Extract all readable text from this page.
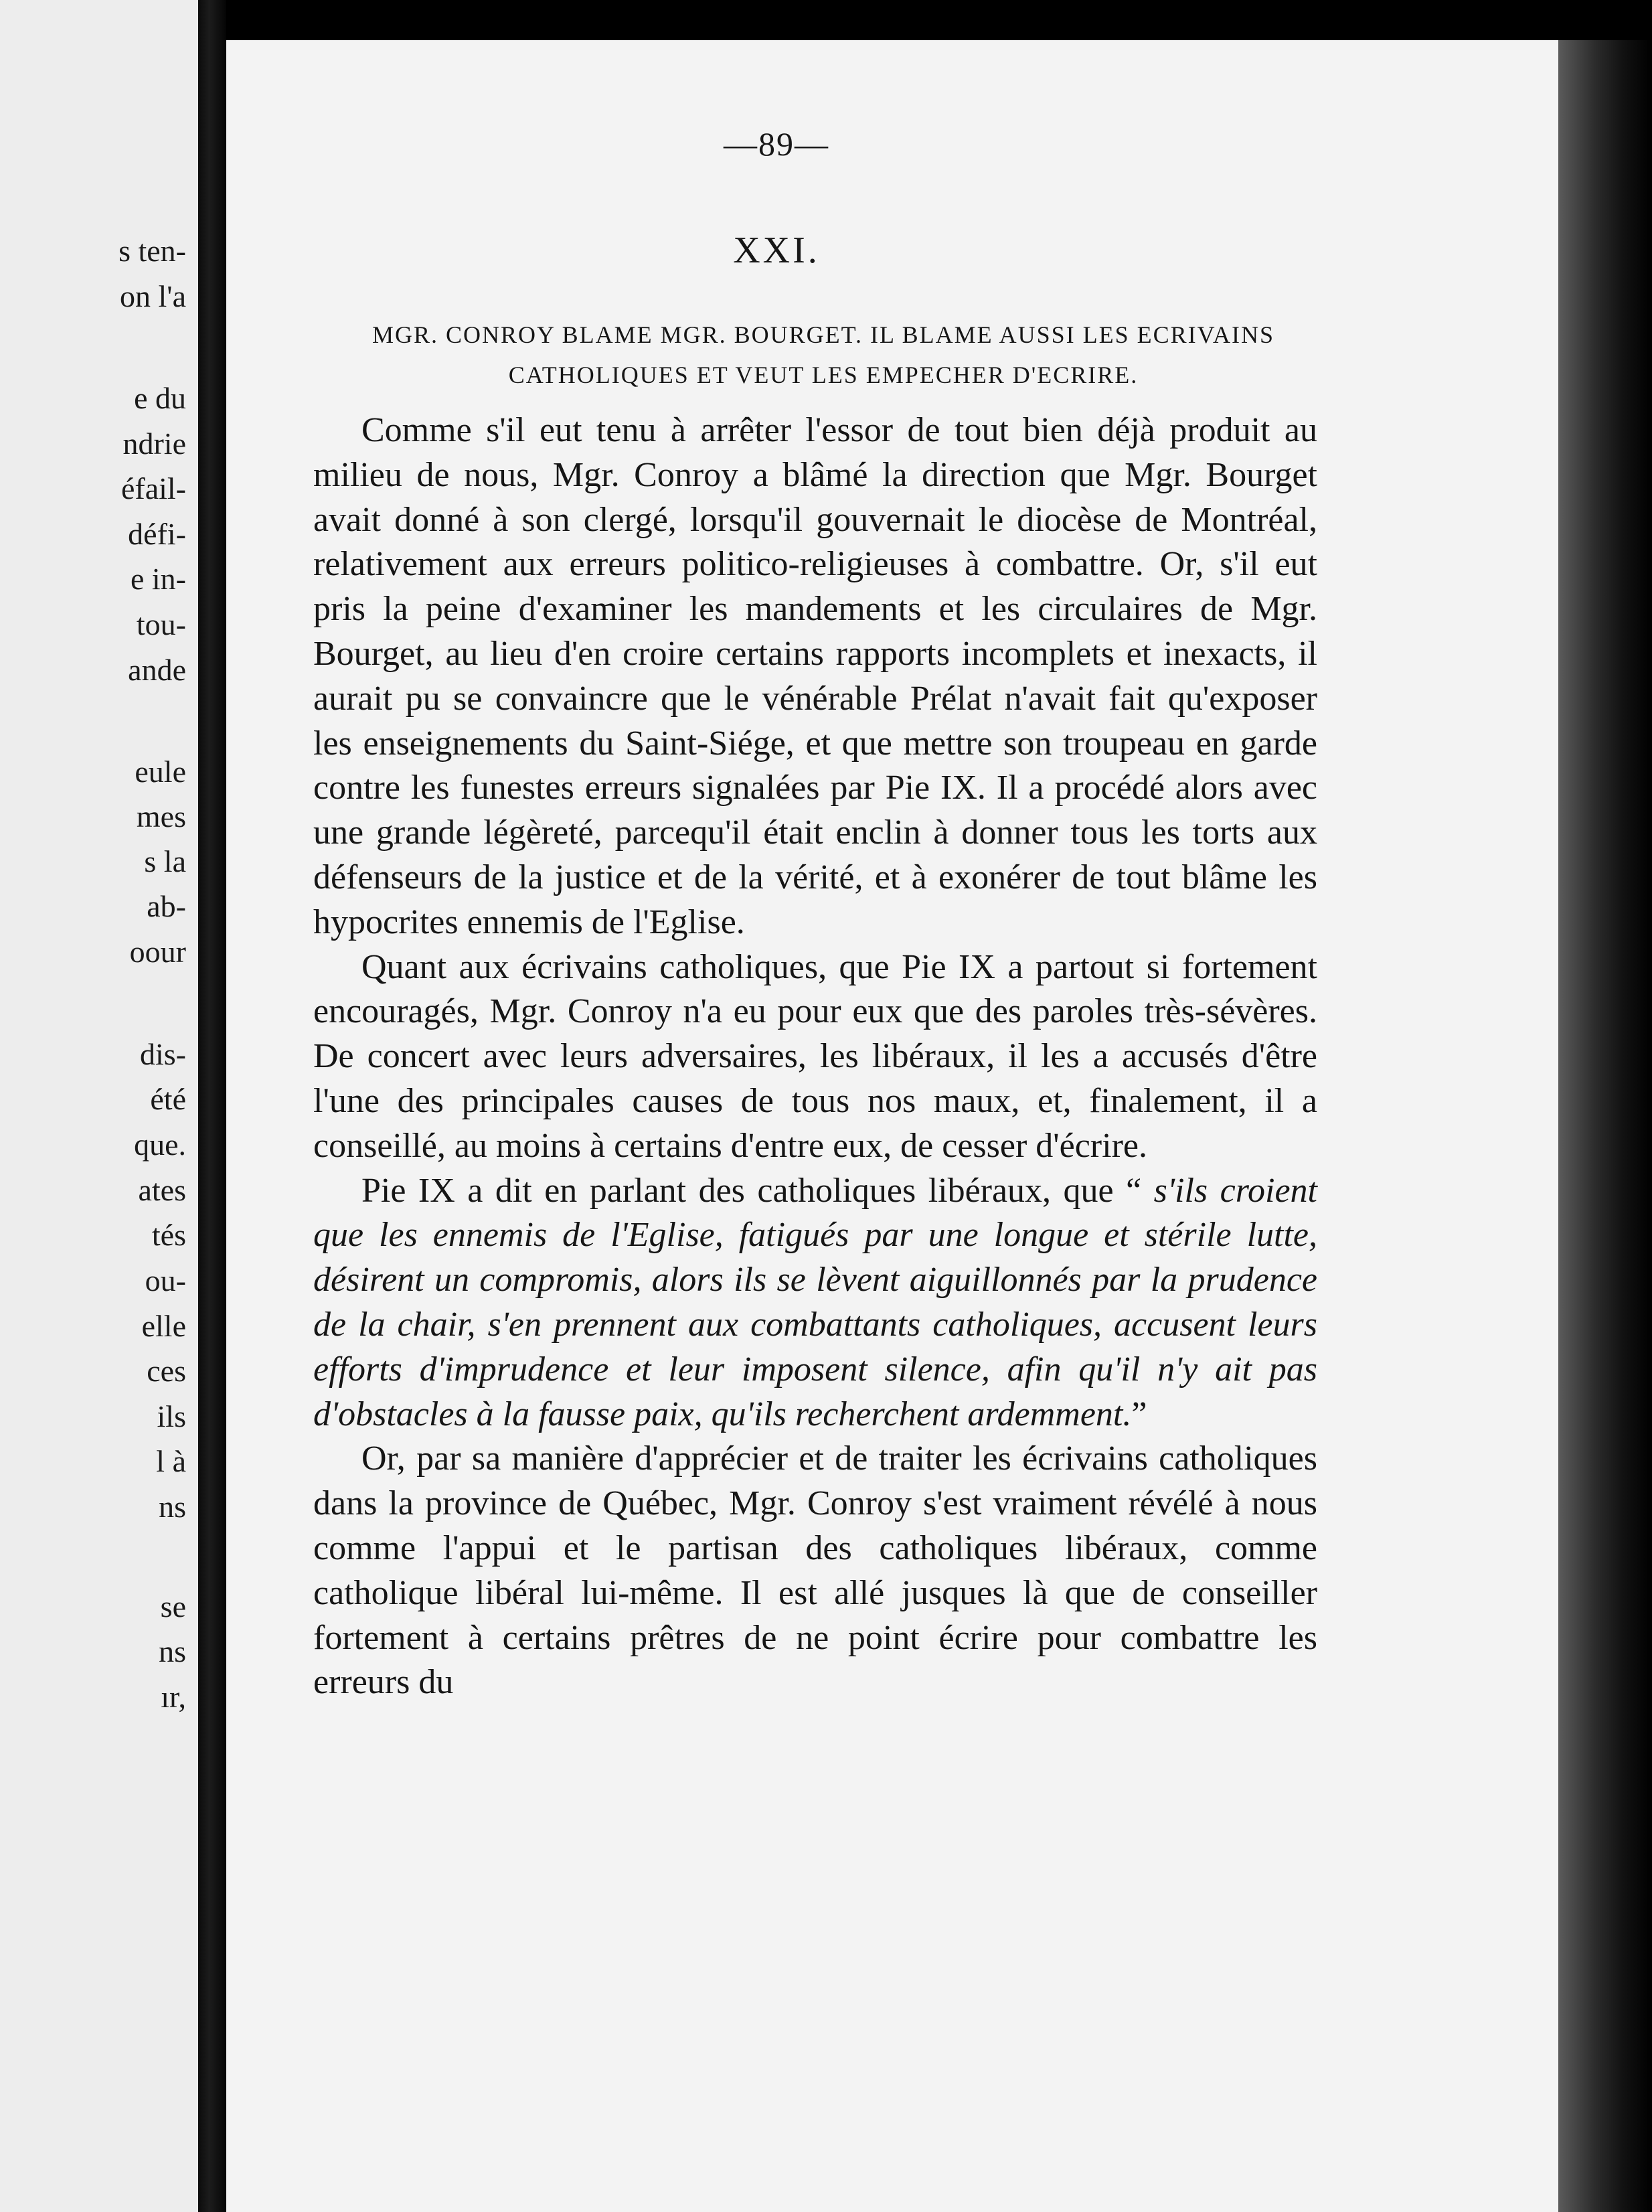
s ten-
on l'a
e du
ndrie
éfail-
défi-
e in-
tou-
ande
eule
mes
s la
ab-
oour
dis-
été
que.
ates
tés
ou-
elle
ces
ils
l à
ns
se
ns
ır,
—89—
XXI.
MGR. CONROY BLAME MGR. BOURGET. IL BLAME AUSSI LES ECRIVAINS CATHOLIQUES ET VEUT LES EMPECHER D'ECRIRE.

Comme s'il eut tenu à arrêter l'essor de tout bien déjà produit au milieu de nous, Mgr. Conroy a blâmé la direction que Mgr. Bourget avait donné à son clergé, lorsqu'il gouvernait le diocèse de Montréal, relativement aux erreurs politico-religieuses à combattre. Or, s'il eut pris la peine d'examiner les mandements et les circulaires de Mgr. Bourget, au lieu d'en croire certains rapports incomplets et inexacts, il aurait pu se convaincre que le vénérable Prélat n'avait fait qu'exposer les enseignements du Saint-Siége, et que mettre son troupeau en garde contre les funestes erreurs signalées par Pie IX. Il a procédé alors avec une grande légèreté, parcequ'il était enclin à donner tous les torts aux défenseurs de la justice et de la vérité, et à exonérer de tout blâme les hypocrites ennemis de l'Eglise.

Quant aux écrivains catholiques, que Pie IX a partout si fortement encouragés, Mgr. Conroy n'a eu pour eux que des paroles très-sévères. De concert avec leurs adversaires, les libéraux, il les a accusés d'être l'une des principales causes de tous nos maux, et, finalement, il a conseillé, au moins à certains d'entre eux, de cesser d'écrire.

Pie IX a dit en parlant des catholiques libéraux, que “ s'ils croient que les ennemis de l'Eglise, fatigués par une longue et stérile lutte, désirent un compromis, alors ils se lèvent aiguillonnés par la prudence de la chair, s'en prennent aux combattants catholiques, accusent leurs efforts d'imprudence et leur imposent silence, afin qu'il n'y ait pas d'obstacles à la fausse paix, qu'ils recherchent ardemment.”

Or, par sa manière d'apprécier et de traiter les écrivains catholiques dans la province de Québec, Mgr. Conroy s'est vraiment révélé à nous comme l'appui et le partisan des catholiques libéraux, comme catholique libéral lui-même. Il est allé jusques là que de conseiller fortement à certains prêtres de ne point écrire pour combattre les erreurs du
